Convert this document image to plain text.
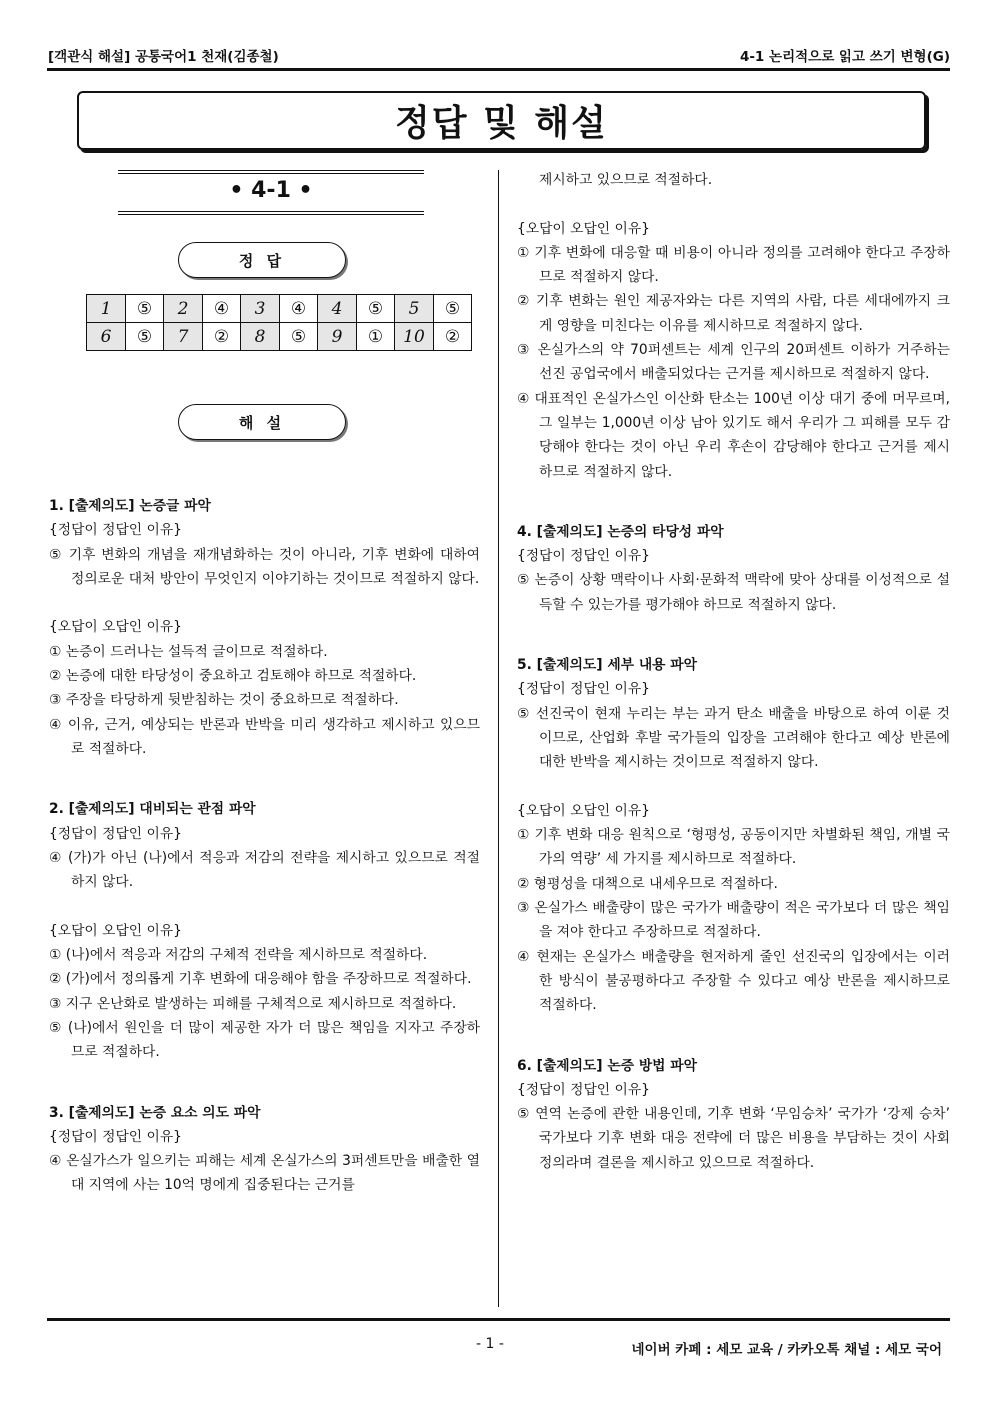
[객관식 해설] 공통국어1 천재(김종철)	4-1 논리적으로 읽고 쓰기 변형(G)
정답 및 해설
• 4-1 •
정 답
1	⑤	2	④	3	④	4	⑤	5	⑤
6	⑤	7	②	8	⑤	9	①	10	②
해 설

1. [출제의도] 논증글 파악

{정답이 정답인 이유}

⑤ 기후 변화의 개념을 재개념화하는 것이 아니라, 기후 변화에 대하여 정의로운 대처 방안이 무엇인지 이야기하는 것이므로 적절하지 않다.

{오답이 오답인 이유}

① 논증이 드러나는 설득적 글이므로 적절하다.

② 논증에 대한 타당성이 중요하고 검토해야 하므로 적절하다.

③ 주장을 타당하게 뒷받침하는 것이 중요하므로 적절하다.

④ 이유, 근거, 예상되는 반론과 반박을 미리 생각하고 제시하고 있으므로 적절하다.

2. [출제의도] 대비되는 관점 파악

{정답이 정답인 이유}

④ (가)가 아닌 (나)에서 적응과 저감의 전략을 제시하고 있으므로 적절하지 않다.

{오답이 오답인 이유}

① (나)에서 적응과 저감의 구체적 전략을 제시하므로 적절하다.

② (가)에서 정의롭게 기후 변화에 대응해야 함을 주장하므로 적절하다.

③ 지구 온난화로 발생하는 피해를 구체적으로 제시하므로 적절하다.

⑤ (나)에서 원인을 더 많이 제공한 자가 더 많은 책임을 지자고 주장하므로 적절하다.

3. [출제의도] 논증 요소 의도 파악

{정답이 정답인 이유}

④ 온실가스가 일으키는 피해는 세계 온실가스의 3퍼센트만을 배출한 열대 지역에 사는 10억 명에게 집중된다는 근거를

제시하고 있으므로 적절하다.

{오답이 오답인 이유}

① 기후 변화에 대응할 때 비용이 아니라 정의를 고려해야 한다고 주장하므로 적절하지 않다.

② 기후 변화는 원인 제공자와는 다른 지역의 사람, 다른 세대에까지 크게 영향을 미친다는 이유를 제시하므로 적절하지 않다.

③ 온실가스의 약 70퍼센트는 세계 인구의 20퍼센트 이하가 거주하는 선진 공업국에서 배출되었다는 근거를 제시하므로 적절하지 않다.

④ 대표적인 온실가스인 이산화 탄소는 100년 이상 대기 중에 머무르며, 그 일부는 1,000년 이상 남아 있기도 해서 우리가 그 피해를 모두 감당해야 한다는 것이 아닌 우리 후손이 감당해야 한다고 근거를 제시하므로 적절하지 않다.

4. [출제의도] 논증의 타당성 파악

{정답이 정답인 이유}

⑤ 논증이 상황 맥락이나 사회·문화적 맥락에 맞아 상대를 이성적으로 설득할 수 있는가를 평가해야 하므로 적절하지 않다.

5. [출제의도] 세부 내용 파악

{정답이 정답인 이유}

⑤ 선진국이 현재 누리는 부는 과거 탄소 배출을 바탕으로 하여 이룬 것이므로, 산업화 후발 국가들의 입장을 고려해야 한다고 예상 반론에 대한 반박을 제시하는 것이므로 적절하지 않다.

{오답이 오답인 이유}

① 기후 변화 대응 원칙으로 ‘형평성, 공동이지만 차별화된 책임, 개별 국가의 역량’ 세 가지를 제시하므로 적절하다.

② 형평성을 대책으로 내세우므로 적절하다.

③ 온실가스 배출량이 많은 국가가 배출량이 적은 국가보다 더 많은 책임을 져야 한다고 주장하므로 적절하다.

④ 현재는 온실가스 배출량을 현저하게 줄인 선진국의 입장에서는 이러한 방식이 불공평하다고 주장할 수 있다고 예상 반론을 제시하므로 적절하다.

6. [출제의도] 논증 방법 파악

{정답이 정답인 이유}

⑤ 연역 논증에 관한 내용인데, 기후 변화 ‘무임승차’ 국가가 ‘강제 승차’ 국가보다 기후 변화 대응 전략에 더 많은 비용을 부담하는 것이 사회 정의라며 결론을 제시하고 있으므로 적절하다.

- 1 -	네이버 카페 : 세모 교육 / 카카오톡 채널 : 세모 국어
